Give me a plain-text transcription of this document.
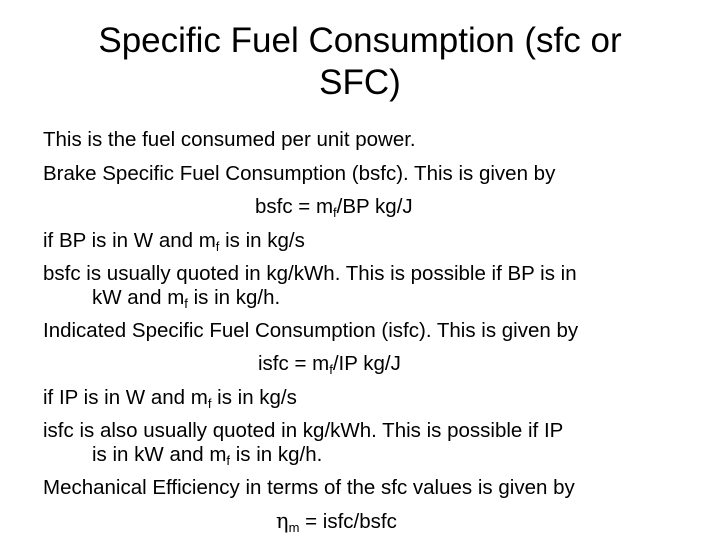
Specific Fuel Consumption (sfc or
SFC)
This is the fuel consumed per unit power.
Brake Specific Fuel Consumption (bsfc). This is given by
bsfc = $m_f/BP$ kg/J
if BP is in W and $m_f$ is in kg/s
bsfc is usually quoted in kg/kWh. This is possible if BP is in
kW and $m_f$ is in kg/h.
Indicated Specific Fuel Consumption (isfc). This is given by
isfc = $m_f/IP$ kg/J
if IP is in W and $m_f$ is in kg/s
isfc is also usually quoted in kg/kWh. This is possible if IP
is in kW and $m_f$ is in kg/h.
Mechanical Efficiency in terms of the sfc values is given by
$\eta_m$ = isfc/bsfc
